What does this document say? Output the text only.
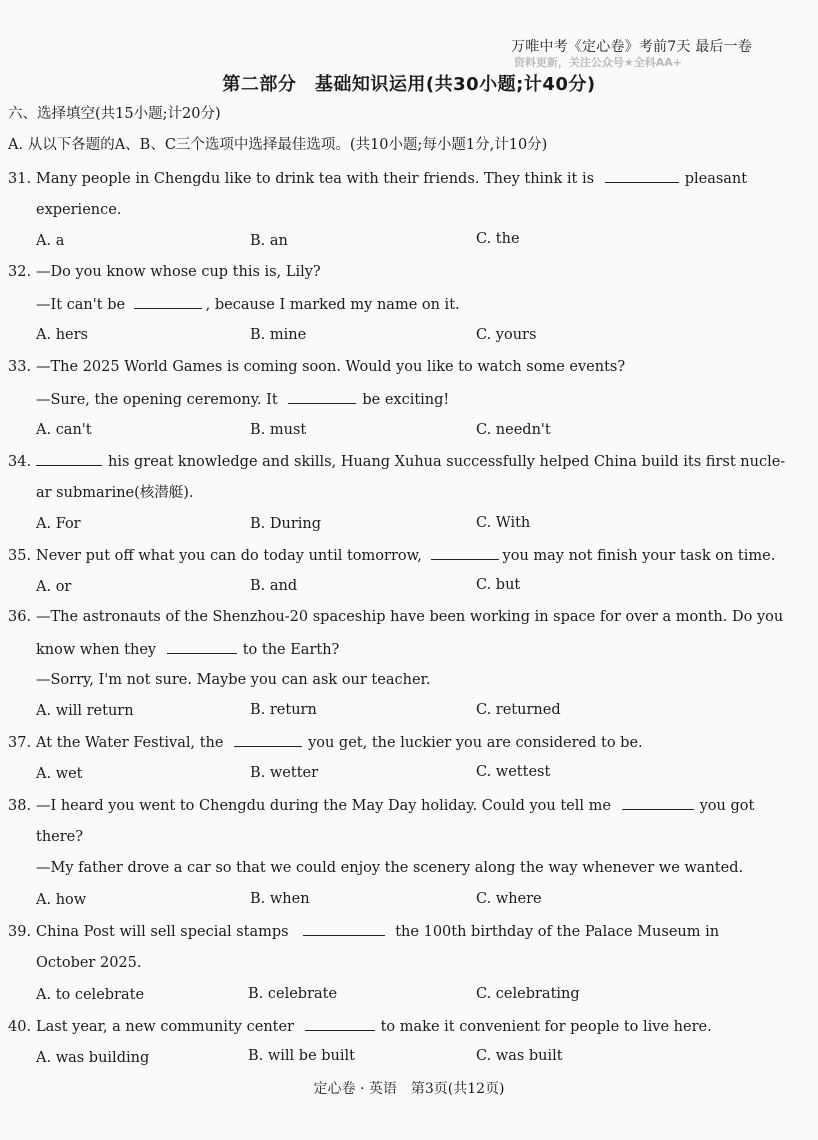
万唯中考《定心卷》考前7天 最后一卷
资料更新，关注公众号★全科AA+
第二部分　基础知识运用(共30小题;计40分)
六、选择填空(共15小题;计20分)
A. 从以下各题的A、B、C三个选项中选择最佳选项。(共10小题;每小题1分,计10分)
31. Many people in Chengdu like to drink tea with their friends. They think it is	pleasant
experience.
A. a	B. an	C. the
32. —Do you know whose cup this is, Lily?
—It can't be	, because I marked my name on it.
A. hers	B. mine	C. yours
33. —The 2025 World Games is coming soon. Would you like to watch some events?
—Sure, the opening ceremony. It	be exciting!
A. can't	B. must	C. needn't
34.	his great knowledge and skills, Huang Xuhua successfully helped China build its first nucle-
ar submarine(核潜艇).
A. For	B. During	C. With
35. Never put off what you can do today until tomorrow,	you may not finish your task on time.
A. or	B. and	C. but
36. —The astronauts of the Shenzhou-20 spaceship have been working in space for over a month. Do you
know when they	to the Earth?
—Sorry, I'm not sure. Maybe you can ask our teacher.
A. will return	B. return	C. returned
37. At the Water Festival, the	you get, the luckier you are considered to be.
A. wet	B. wetter	C. wettest
38. —I heard you went to Chengdu during the May Day holiday. Could you tell me	you got
there?
—My father drove a car so that we could enjoy the scenery along the way whenever we wanted.
A. how	B. when	C. where
39. China Post will sell special stamps	the 100th birthday of the Palace Museum in
October 2025.
A. to celebrate	B. celebrate	C. celebrating
40. Last year, a new community center	to make it convenient for people to live here.
A. was building	B. will be built	C. was built
定心卷 · 英语　第3页(共12页)
